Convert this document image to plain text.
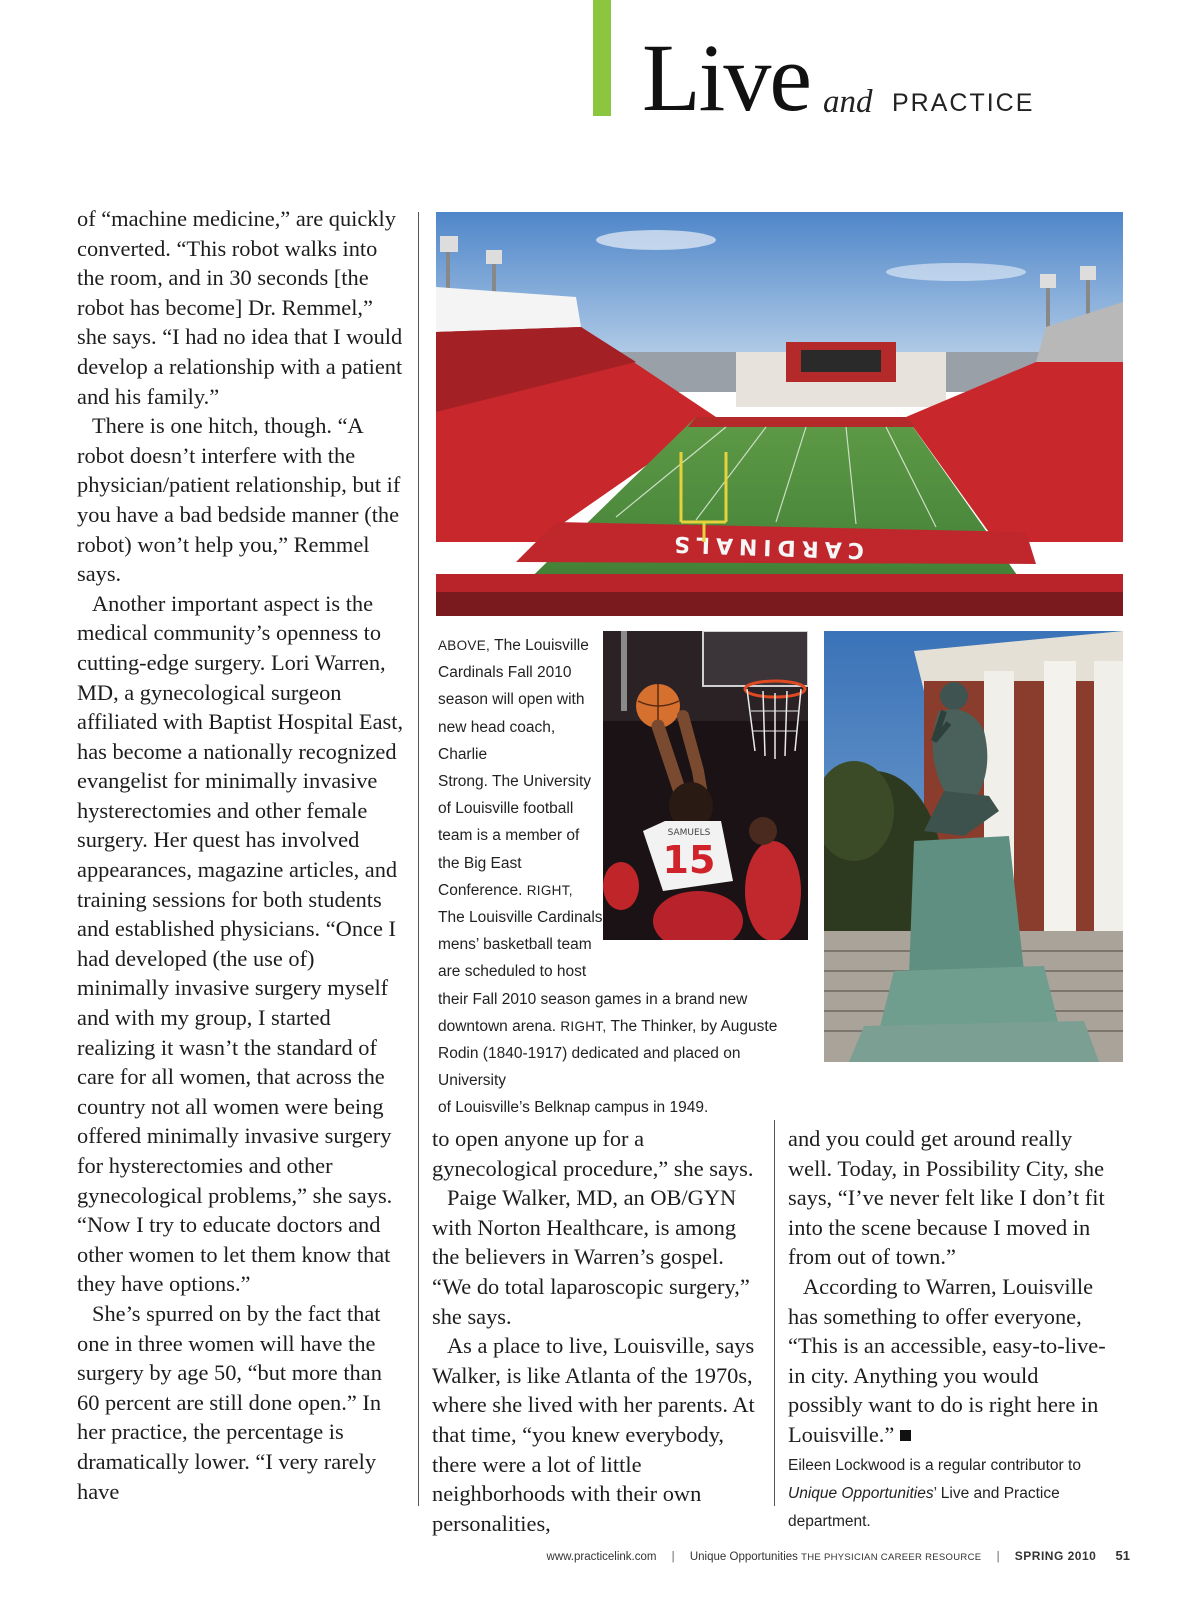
Live and PRACTICE

of “machine medicine,” are quickly converted. “This robot walks into the room, and in 30 seconds [the robot has become] Dr. Remmel,” she says. “I had no idea that I would develop a relationship with a patient and his family.”

There is one hitch, though. “A robot doesn’t interfere with the physician/patient relationship, but if you have a bad bedside manner (the robot) won’t help you,” Remmel says.

Another important aspect is the medical community’s openness to cutting-edge surgery. Lori Warren, MD, a gynecological surgeon affiliated with Baptist Hospital East, has become a nationally recognized evangelist for minimally invasive hysterectomies and other female surgery. Her quest has involved appearances, magazine articles, and training sessions for both students and established physicians. “Once I had developed (the use of) minimally invasive surgery myself and with my group, I started realizing it wasn’t the standard of care for all women, that across the country not all women were being offered minimally invasive surgery for hysterectomies and other gynecological problems,” she says. “Now I try to educate doctors and other women to let them know that they have options.”

She’s spurred on by the fact that one in three women will have the surgery by age 50, “but more than 60 percent are still done open.” In her practice, the percentage is dramatically lower. “I very rarely have

CARDINALS
15
SAMUELS
ABOVE, The Louisville
Cardinals Fall 2010
season will open with
new head coach, Charlie
Strong. The University
of Louisville football
team is a member of
the Big East
Conference. RIGHT,
The Louisville Cardinals
mens’ basketball team
are scheduled to host
their Fall 2010 season games in a brand new
downtown arena. RIGHT, The Thinker, by Auguste
Rodin (1840-1917) dedicated and placed on University
of Louisville’s Belknap campus in 1949.

to open anyone up for a gynecological procedure,” she says.

Paige Walker, MD, an OB/GYN with Norton Healthcare, is among the believers in Warren’s gospel. “We do total laparoscopic surgery,” she says.

As a place to live, Louisville, says Walker, is like Atlanta of the 1970s, where she lived with her parents. At that time, “you knew everybody, there were a lot of little neighborhoods with their own personalities,

and you could get around really well. Today, in Possibility City, she says, “I’ve never felt like I don’t fit into the scene because I moved in from out of town.”

According to Warren, Louisville has something to offer everyone, “This is an accessible, easy-to-live-in city. Anything you would possibly want to do is right here in Louisville.”

Eileen Lockwood is a regular contributor to Unique Opportunities’ Live and Practice department.
www.practicelink.com | Unique Opportunities THE PHYSICIAN CAREER RESOURCE | SPRING 2010 51
